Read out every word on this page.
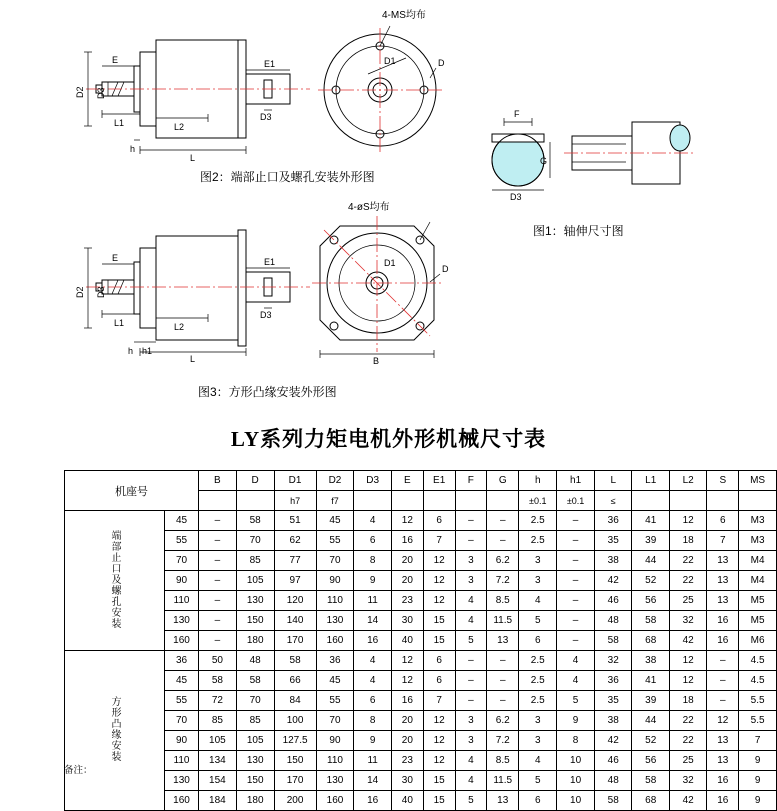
D2 D3
E
L1	L2
h
L
E1
D3
D1	D
图2：端部止口及螺孔安装外形图
4-MS均布
F
G
D3
图1：轴伸尺寸图
D2 D3
E
L1	L2
h h1
L
E1
D3
D1
D
B
图3：方形凸缘安装外形图
4-øS均布
LY系列力矩电机外形机械尺寸表
机座号		B	D	D1	D2	D3	E	E1	F	G	h	h1	L	L1	L2	S	MS
				h7	f7						±0.1	±0.1	≤				
端部止口及螺孔安装	45	–	58	51	45	4	12	6	–	–	2.5	–	36	41	12	6	M3
	55	–	70	62	55	6	16	7	–	–	2.5	–	35	39	18	7	M3
	70	–	85	77	70	8	20	12	3	6.2	3	–	38	44	22	13	M4
	90	–	105	97	90	9	20	12	3	7.2	3	–	42	52	22	13	M4
	110	–	130	120	110	11	23	12	4	8.5	4	–	46	56	25	13	M5
	130	–	150	140	130	14	30	15	4	11.5	5	–	48	58	32	16	M5
	160	–	180	170	160	16	40	15	5	13	6	–	58	68	42	16	M6
方形凸缘安装	36	50	48	58	36	4	12	6	–	–	2.5	4	32	38	12	–	4.5
	45	58	58	66	45	4	12	6	–	–	2.5	4	36	41	12	–	4.5
	55	72	70	84	55	6	16	7	–	–	2.5	5	35	39	18	–	5.5
	70	85	85	100	70	8	20	12	3	6.2	3	9	38	44	22	12	5.5
	90	105	105	127.5	90	9	20	12	3	7.2	3	8	42	52	22	13	7
	110	134	130	150	110	11	23	12	4	8.5	4	10	46	56	25	13	9
	130	154	150	170	130	14	30	15	4	11.5	5	10	48	58	32	16	9
	160	184	180	200	160	16	40	15	5	13	6	10	58	68	42	16	9
备注：
